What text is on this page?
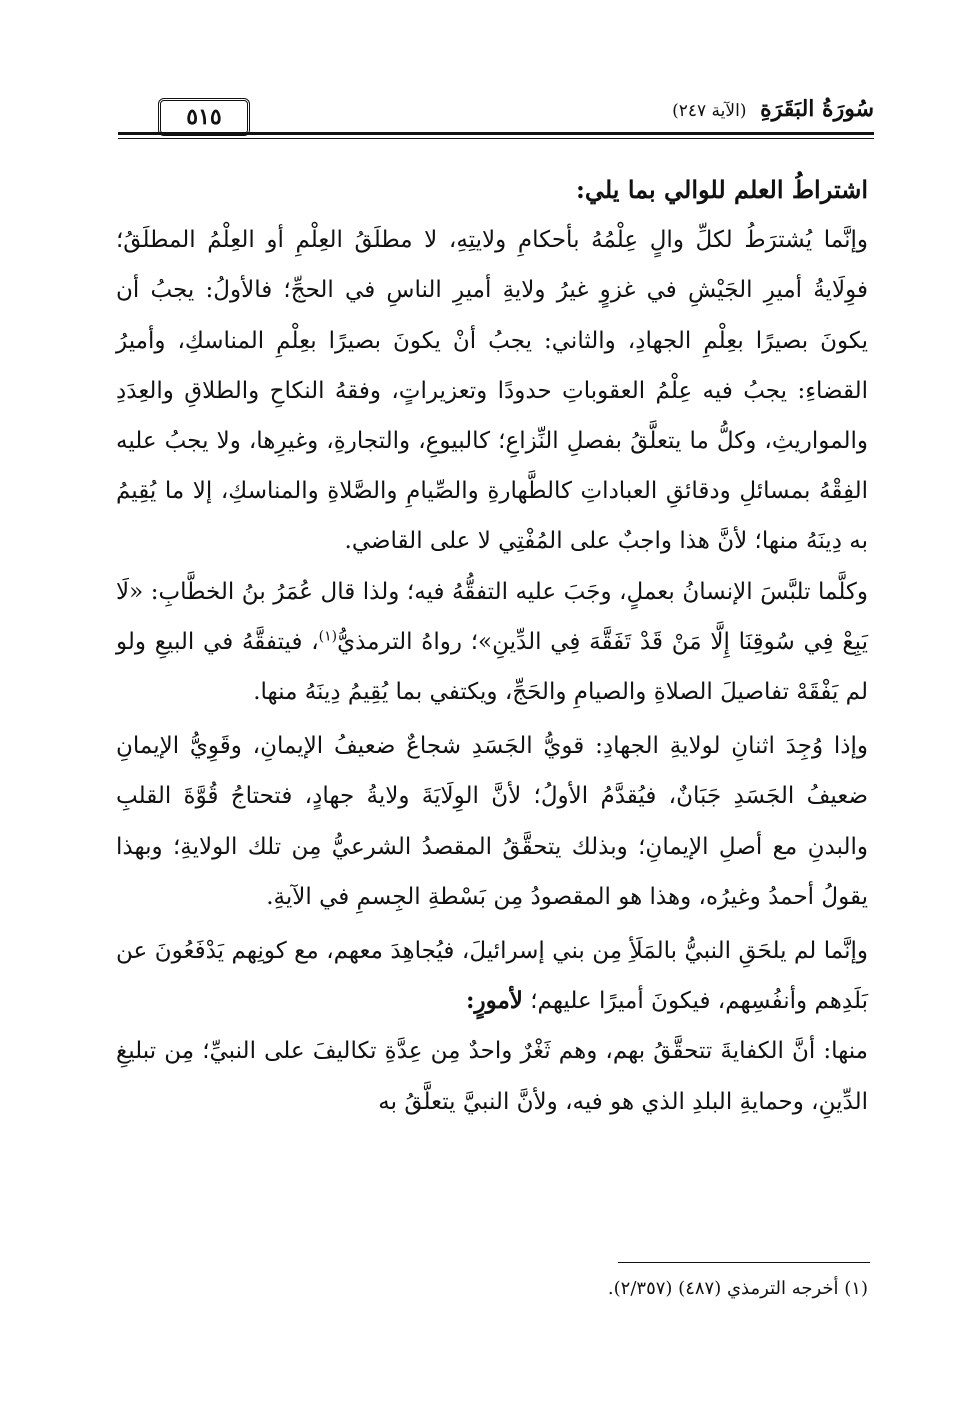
سُورَةُ البَقَرَةِ (الآية ٢٤٧)
٥١٥

اشتراطُ العلم للوالي بما يلي:

وإنَّما يُشترَطُ لكلِّ والٍ عِلْمُهُ بأحكامِ ولايتِهِ، لا مطلَقُ العِلْمِ أو العِلْمُ المطلَقُ؛ فوِلَايةُ أميرِ الجَيْشِ في غزوٍ غيرُ ولايةِ أميرِ الناسِ في الحجِّ؛ فالأولُ: يجبُ أن يكونَ بصيرًا بعِلْمِ الجهادِ، والثاني: يجبُ أنْ يكونَ بصيرًا بعِلْمِ المناسكِ، وأميرُ القضاءِ: يجبُ فيه عِلْمُ العقوباتِ حدودًا وتعزيراتٍ، وفقهُ النكاحِ والطلاقِ والعِدَدِ والمواريثِ، وكلُّ ما يتعلَّقُ بفصلِ النِّزاعِ؛ كالبيوعِ، والتجارةِ، وغيرِها، ولا يجبُ عليه الفِقْهُ بمسائلِ ودقائقِ العباداتِ كالطَّهارةِ والصِّيامِ والصَّلاةِ والمناسكِ، إلا ما يُقِيمُ به دِينَهُ منها؛ لأنَّ هذا واجبٌ على المُفْتِي لا على القاضي.

وكلَّما تلبَّسَ الإنسانُ بعملٍ، وجَبَ عليه التفقُّهُ فيه؛ ولذا قال عُمَرُ بنُ الخطَّابِ: «لَا يَبِعْ فِي سُوقِنَا إِلَّا مَنْ قَدْ تَفَقَّهَ فِي الدِّينِ»؛ رواهُ الترمذيُّ$^{(١)}$، فيتفقَّهُ في البيعِ ولو لم يَفْقَهْ تفاصيلَ الصلاةِ والصيامِ والحَجِّ، ويكتفي بما يُقِيمُ دِينَهُ منها.

وإذا وُجِدَ اثنانِ لولايةِ الجهادِ: قويُّ الجَسَدِ شجاعٌ ضعيفُ الإيمانِ، وقَوِيُّ الإيمانِ ضعيفُ الجَسَدِ جَبَانٌ، فيُقدَّمُ الأولُ؛ لأنَّ الوِلَايَةَ ولايةُ جهادٍ، فتحتاجُ قُوَّةَ القلبِ والبدنِ مع أصلِ الإيمانِ؛ وبذلك يتحقَّقُ المقصدُ الشرعيُّ مِن تلك الولايةِ؛ وبهذا يقولُ أحمدُ وغيرُه، وهذا هو المقصودُ مِن بَسْطةِ الجِسمِ في الآيةِ.

وإنَّما لم يلحَقِ النبيُّ بالمَلَأِ مِن بني إسرائيلَ، فيُجاهِدَ معهم، مع كونِهم يَدْفَعُونَ عن بَلَدِهم وأنفُسِهم، فيكونَ أميرًا عليهم؛ لأمورٍ:

منها: أنَّ الكفايةَ تتحقَّقُ بهم، وهم ثَغْرٌ واحدٌ مِن عِدَّةِ تكاليفَ على النبيِّ؛ مِن تبليغِ الدِّينِ، وحمايةِ البلدِ الذي هو فيه، ولأنَّ النبيَّ يتعلَّقُ به

(١) أخرجه الترمذي (٤٨٧) (٢/٣٥٧).
